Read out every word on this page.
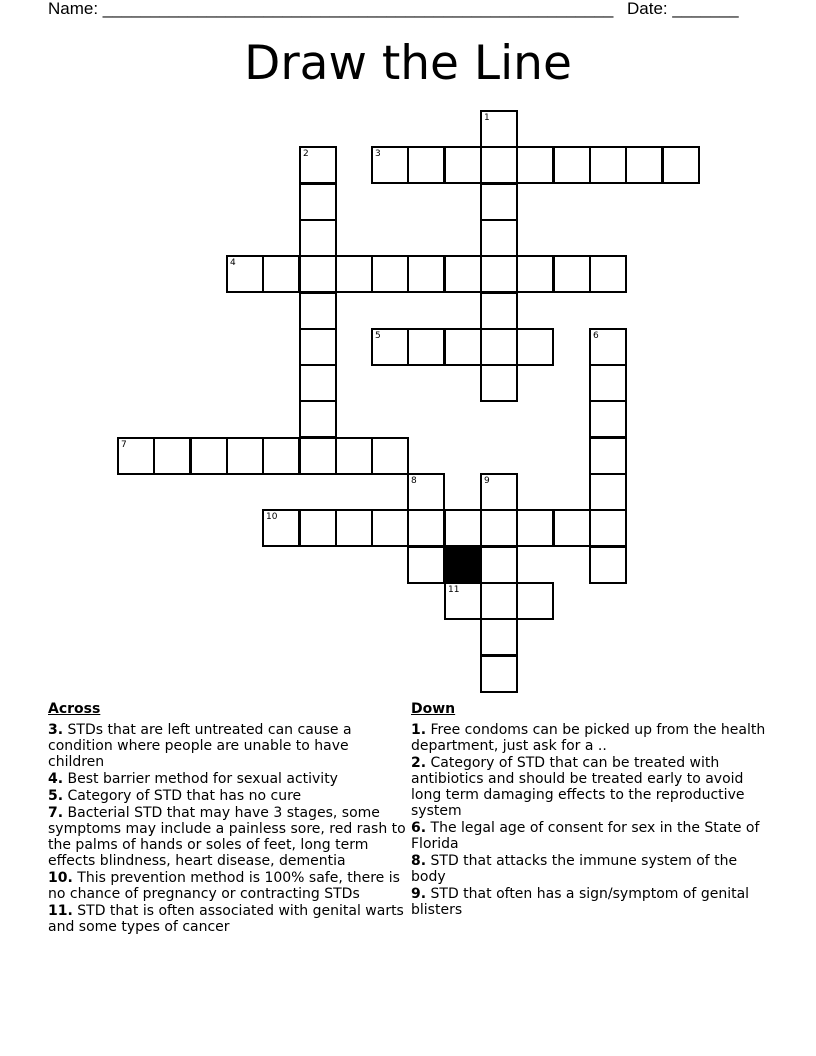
Name: ______________________________________________________ Date: _______
Draw the Line
1
2	3
4
5	6
7
8	9
10
11
Across
3. STDs that are left untreated can cause a condition where people are unable to have children
4. Best barrier method for sexual activity
5. Category of STD that has no cure
7. Bacterial STD that may have 3 stages, some symptoms may include a painless sore, red rash to the palms of hands or soles of feet, long term effects blindness, heart disease, dementia
10. This prevention method is 100% safe, there is no chance of pregnancy or contracting STDs
11. STD that is often associated with genital warts and some types of cancer
Down
1. Free condoms can be picked up from the health department, just ask for a ..
2. Category of STD that can be treated with antibiotics and should be treated early to avoid long term damaging effects to the reproductive system
6. The legal age of consent for sex in the State of Florida
8. STD that attacks the immune system of the body
9. STD that often has a sign/symptom of genital blisters
